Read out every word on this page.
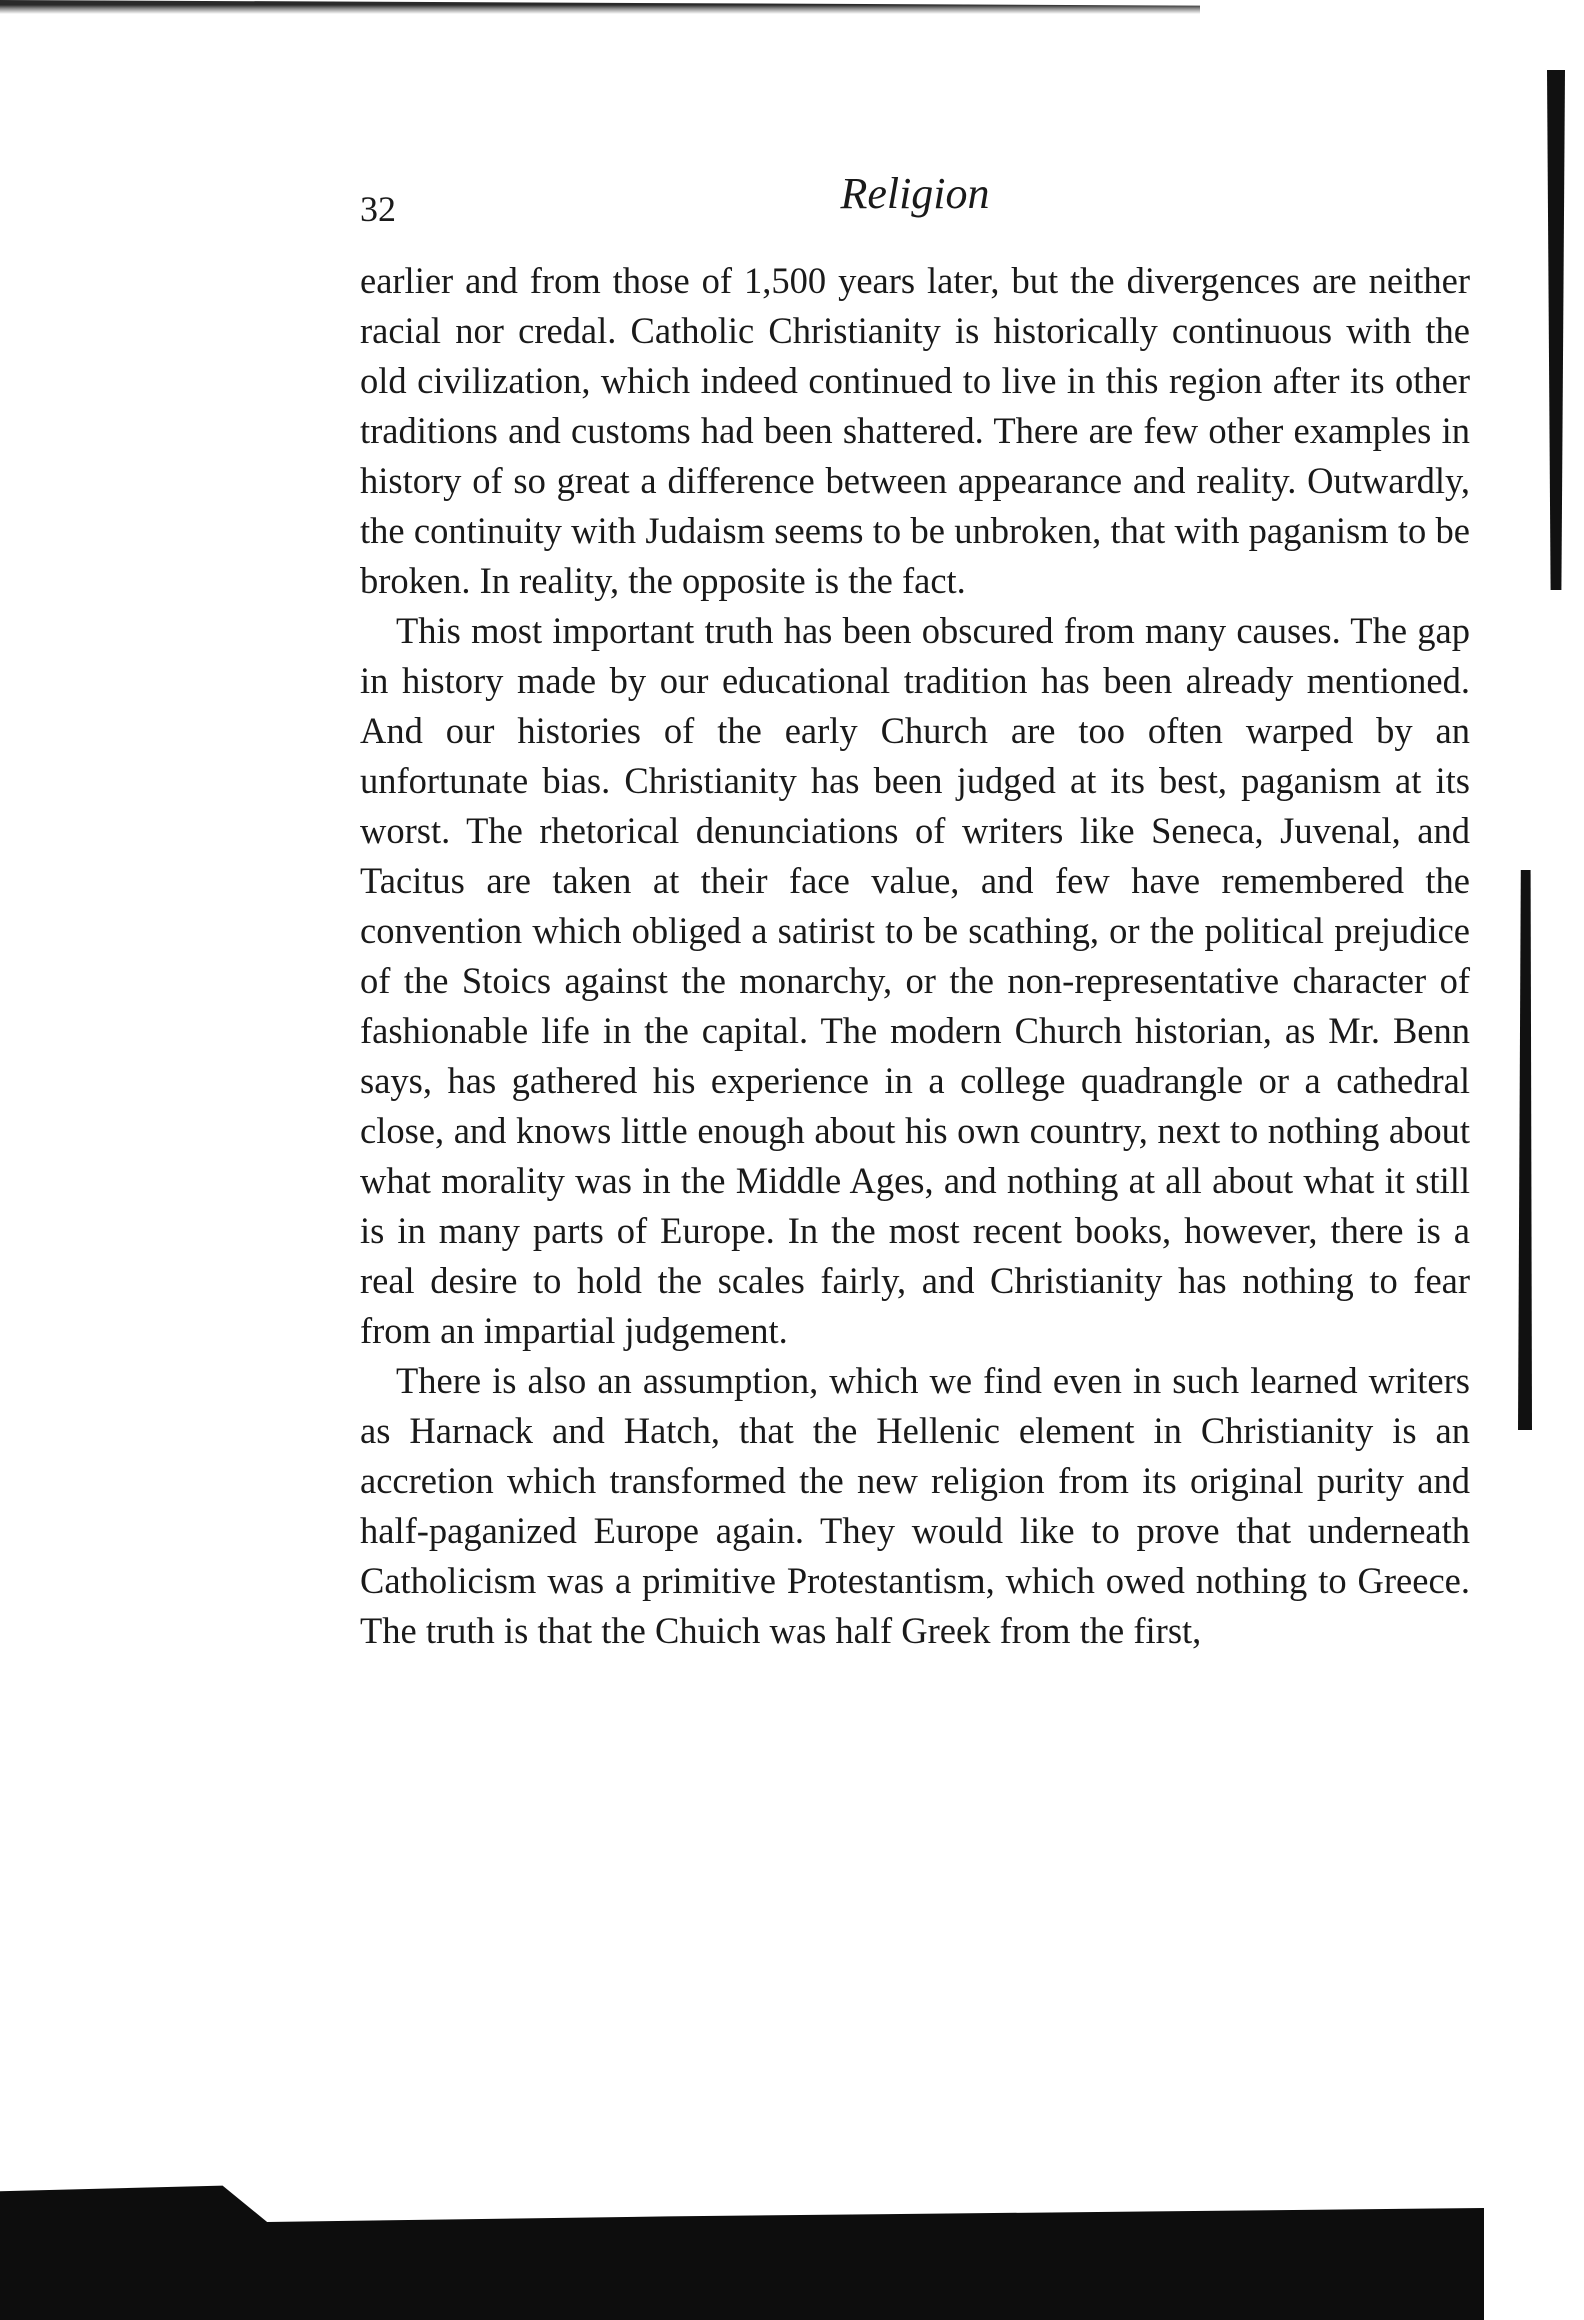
32	Religion

earlier and from those of 1,500 years later, but the divergences are neither racial nor credal. Catholic Christianity is historically continuous with the old civilization, which indeed continued to live in this region after its other traditions and customs had been shattered. There are few other examples in history of so great a difference between appearance and reality. Outwardly, the continuity with Judaism seems to be unbroken, that with paganism to be broken. In reality, the opposite is the fact.

This most important truth has been obscured from many causes. The gap in history made by our educational tradition has been already mentioned. And our histories of the early Church are too often warped by an unfortunate bias. Christianity has been judged at its best, paganism at its worst. The rhetorical denunciations of writers like Seneca, Juvenal, and Tacitus are taken at their face value, and few have remembered the convention which obliged a satirist to be scathing, or the political prejudice of the Stoics against the monarchy, or the non-representative character of fashionable life in the capital. The modern Church historian, as Mr. Benn says, has gathered his experience in a college quadrangle or a cathedral close, and knows little enough about his own country, next to nothing about what morality was in the Middle Ages, and nothing at all about what it still is in many parts of Europe. In the most recent books, however, there is a real desire to hold the scales fairly, and Christianity has nothing to fear from an impartial judgement.

There is also an assumption, which we find even in such learned writers as Harnack and Hatch, that the Hellenic element in Christianity is an accretion which transformed the new religion from its original purity and half-paganized Europe again. They would like to prove that underneath Catholicism was a primitive Protestantism, which owed nothing to Greece. The truth is that the Chuich was half Greek from the first,
